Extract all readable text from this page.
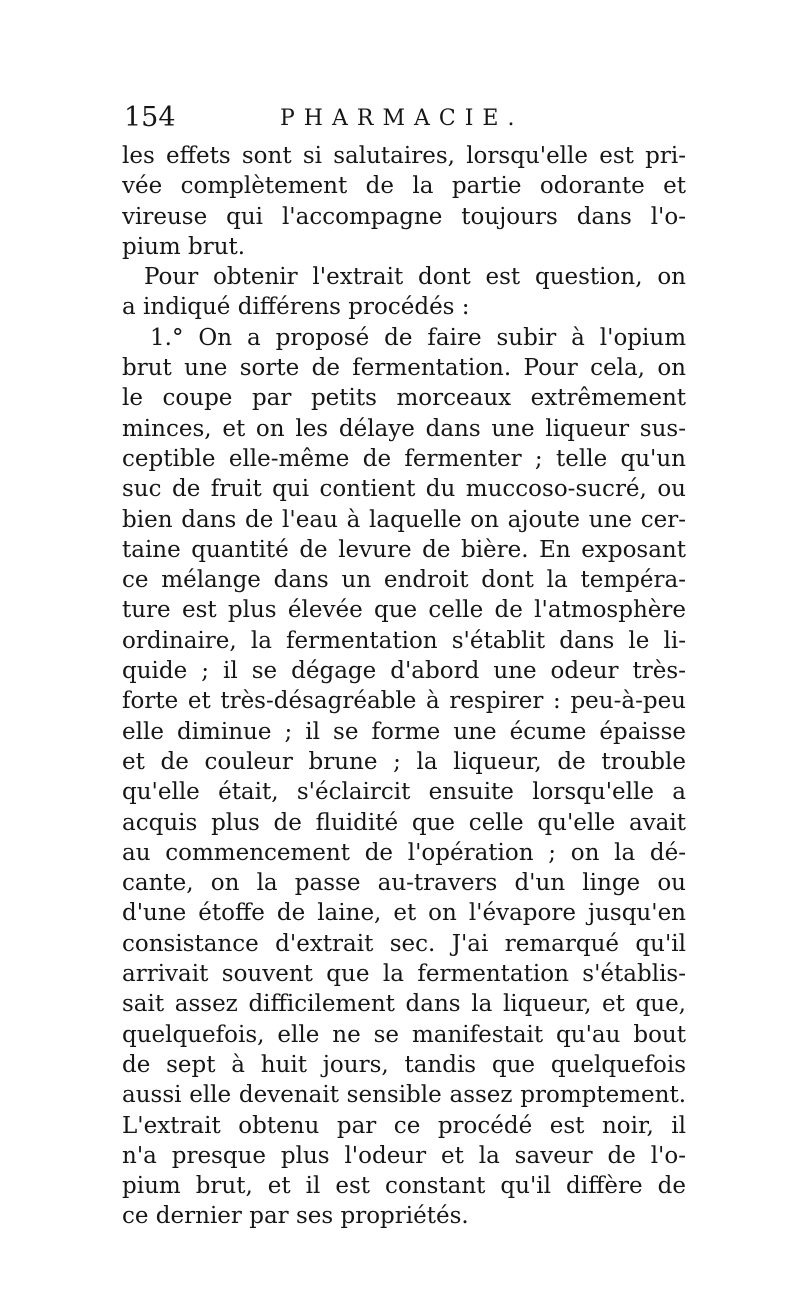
154	PHARMACIE.
les effets sont si salutaires, lorsqu'elle est pri-
vée complètement de la partie odorante et
vireuse qui l'accompagne toujours dans l'o-
pium brut.
Pour obtenir l'extrait dont est question, on
a indiqué différens procédés :
1.° On a proposé de faire subir à l'opium
brut une sorte de fermentation. Pour cela, on
le coupe par petits morceaux extrêmement
minces, et on les délaye dans une liqueur sus-
ceptible elle-même de fermenter ; telle qu'un
suc de fruit qui contient du muccoso-sucré, ou
bien dans de l'eau à laquelle on ajoute une cer-
taine quantité de levure de bière. En exposant
ce mélange dans un endroit dont la tempéra-
ture est plus élevée que celle de l'atmosphère
ordinaire, la fermentation s'établit dans le li-
quide ; il se dégage d'abord une odeur très-
forte et très-désagréable à respirer : peu-à-peu
elle diminue ; il se forme une écume épaisse
et de couleur brune ; la liqueur, de trouble
qu'elle était, s'éclaircit ensuite lorsqu'elle a
acquis plus de fluidité que celle qu'elle avait
au commencement de l'opération ; on la dé-
cante, on la passe au-travers d'un linge ou
d'une étoffe de laine, et on l'évapore jusqu'en
consistance d'extrait sec. J'ai remarqué qu'il
arrivait souvent que la fermentation s'établis-
sait assez difficilement dans la liqueur, et que,
quelquefois, elle ne se manifestait qu'au bout
de sept à huit jours, tandis que quelquefois
aussi elle devenait sensible assez promptement.
L'extrait obtenu par ce procédé est noir, il
n'a presque plus l'odeur et la saveur de l'o-
pium brut, et il est constant qu'il diffère de
ce dernier par ses propriétés.
